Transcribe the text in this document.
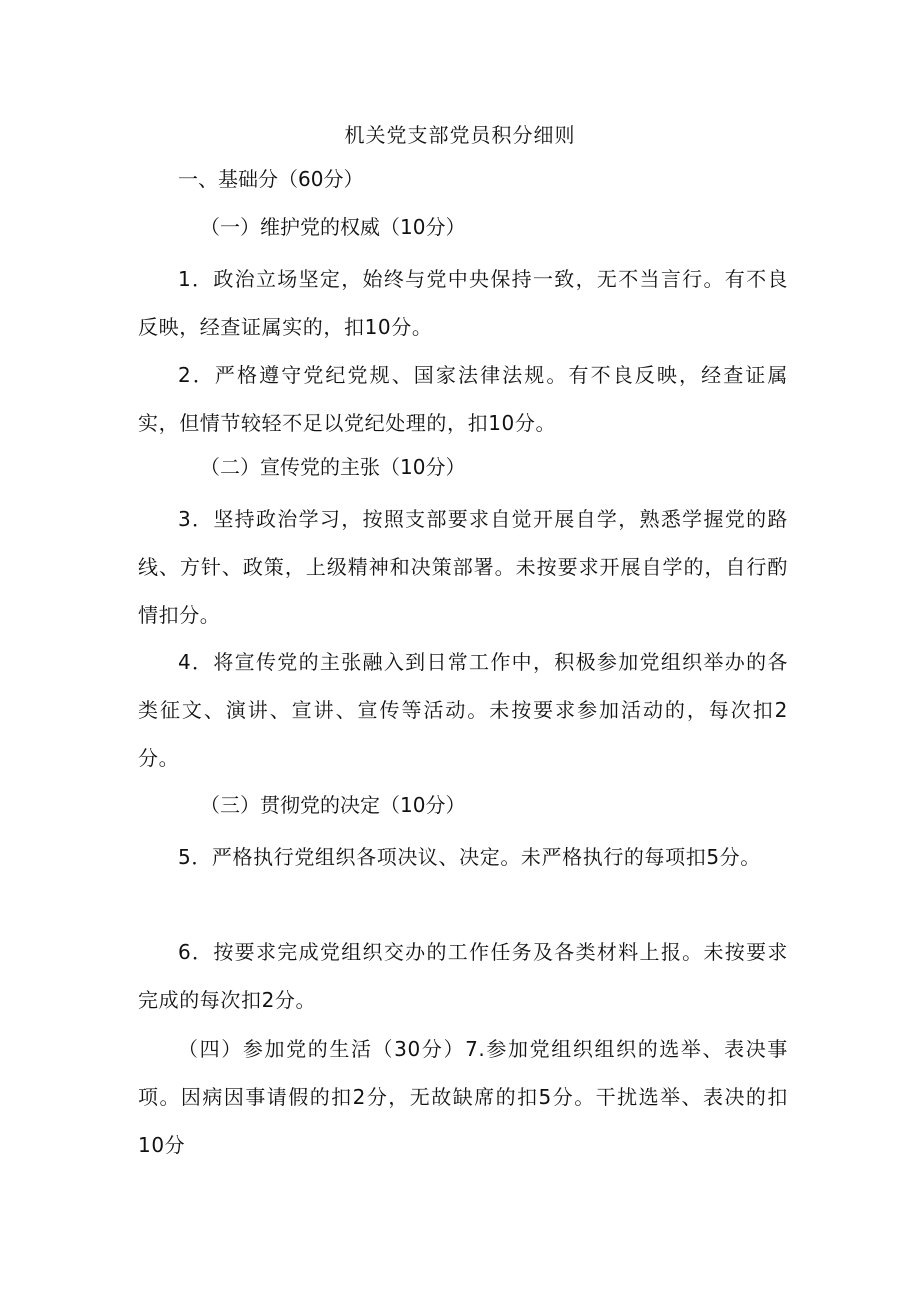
机关党支部党员积分细则
一、基础分（60分）
（一）维护党的权威（10分）
1．政治立场坚定，始终与党中央保持一致，无不当言行。有不良反映，经查证属实的，扣10分。
2．严格遵守党纪党规、国家法律法规。有不良反映，经查证属实，但情节较轻不足以党纪处理的，扣10分。
（二）宣传党的主张（10分）
3．坚持政治学习，按照支部要求自觉开展自学，熟悉学握党的路线、方针、政策，上级精神和决策部署。未按要求开展自学的，自行酌情扣分。
4．将宣传党的主张融入到日常工作中，积极参加党组织举办的各类征文、演讲、宣讲、宣传等活动。未按要求参加活动的，每次扣2分。
（三）贯彻党的决定（10分）
5．严格执行党组织各项决议、决定。未严格执行的每项扣5分。
6．按要求完成党组织交办的工作任务及各类材料上报。未按要求完成的每次扣2分。
（四）参加党的生活（30分）7.参加党组织组织的选举、表决事项。因病因事请假的扣2分，无故缺席的扣5分。干扰选举、表决的扣10分
